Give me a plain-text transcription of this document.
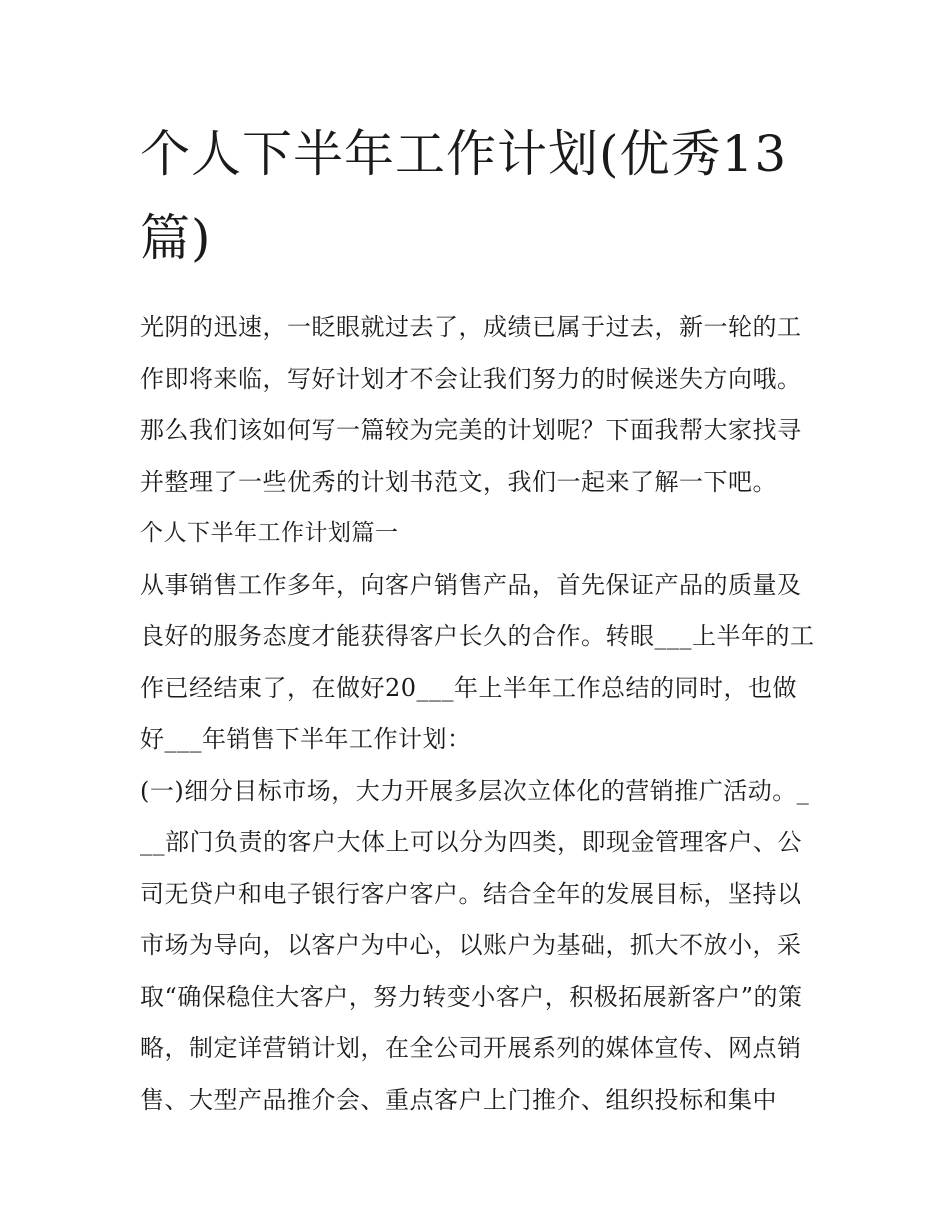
个人下半年工作计划(优秀13篇)

光阴的迅速，一眨眼就过去了，成绩已属于过去，新一轮的工作即将来临，写好计划才不会让我们努力的时候迷失方向哦。那么我们该如何写一篇较为完美的计划呢？下面我帮大家找寻并整理了一些优秀的计划书范文，我们一起来了解一下吧。

个人下半年工作计划篇一

从事销售工作多年，向客户销售产品，首先保证产品的质量及良好的服务态度才能获得客户长久的合作。转眼___上半年的工作已经结束了，在做好20___年上半年工作总结的同时，也做好___年销售下半年工作计划：

(一)细分目标市场，大力开展多层次立体化的营销推广活动。___部门负责的客户大体上可以分为四类，即现金管理客户、公司无贷户和电子银行客户客户。结合全年的发展目标，坚持以市场为导向，以客户为中心，以账户为基础，抓大不放小，采取“确保稳住大客户，努力转变小客户，积极拓展新客户”的策略，制定详营销计划，在全公司开展系列的媒体宣传、网点销售、大型产品推介会、重点客户上门推介、组织投标和集中
